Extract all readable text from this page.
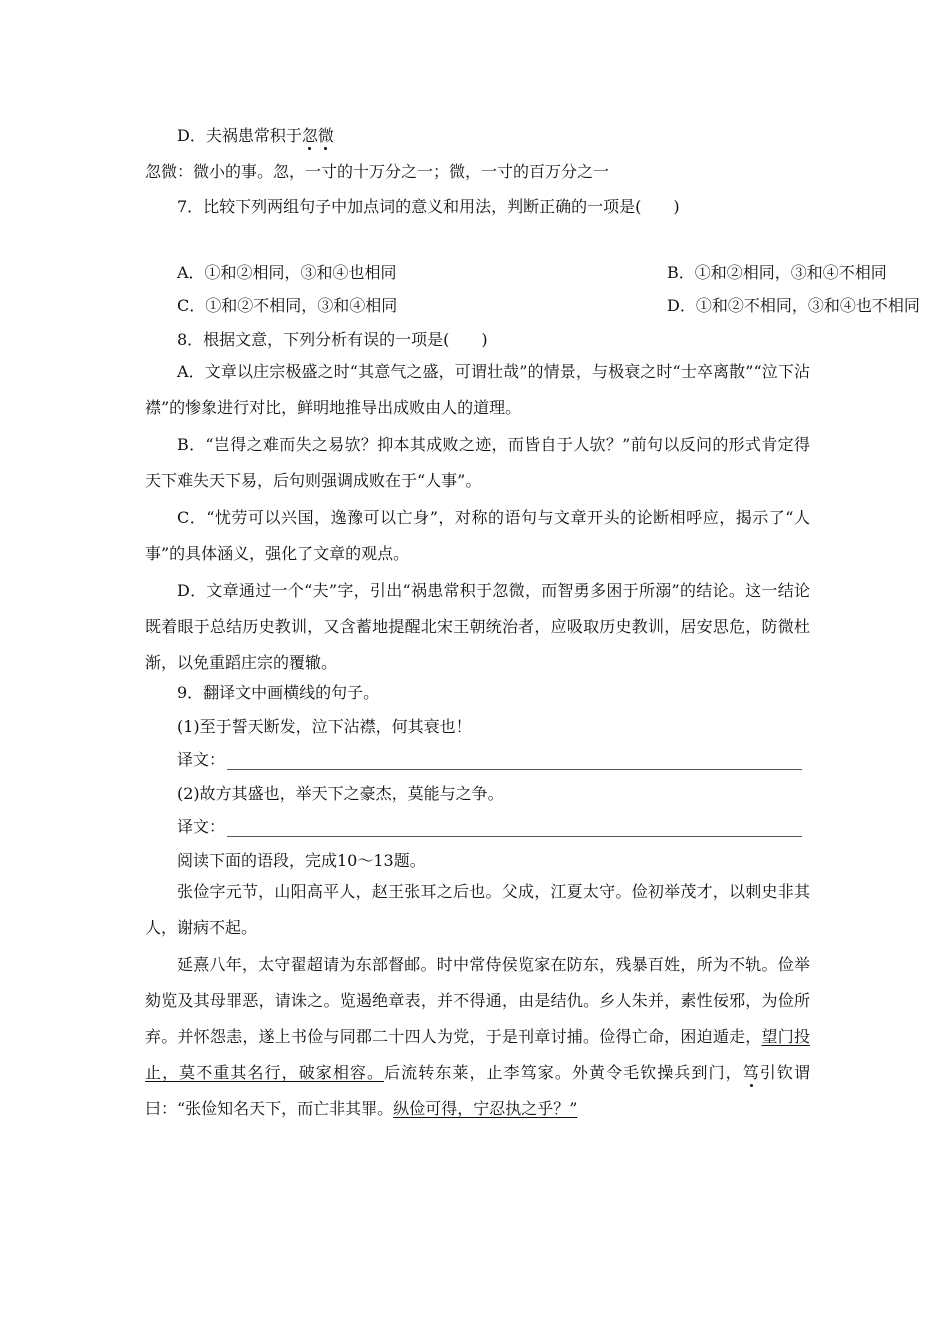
D．夫祸患常积于忽微
忽微：微小的事。忽，一寸的十万分之一；微，一寸的百万分之一
7．比较下列两组句子中加点词的意义和用法，判断正确的一项是(　　)
A．①和②相同，③和④也相同	B．①和②相同，③和④不相同
C．①和②不相同，③和④相同	D．①和②不相同，③和④也不相同
8．根据文意，下列分析有误的一项是(　　)
A．文章以庄宗极盛之时“其意气之盛，可谓壮哉”的情景，与极衰之时“士卒离散”“泣下沾襟”的惨象进行对比，鲜明地推导出成败由人的道理。
B．“岂得之难而失之易欤？抑本其成败之迹，而皆自于人欤？”前句以反问的形式肯定得天下难失天下易，后句则强调成败在于“人事”。
C．“忧劳可以兴国，逸豫可以亡身”，对称的语句与文章开头的论断相呼应，揭示了“人事”的具体涵义，强化了文章的观点。
D．文章通过一个“夫”字，引出“祸患常积于忽微，而智勇多困于所溺”的结论。这一结论既着眼于总结历史教训，又含蓄地提醒北宋王朝统治者，应吸取历史教训，居安思危，防微杜渐，以免重蹈庄宗的覆辙。
9．翻译文中画横线的句子。
(1)至于誓天断发，泣下沾襟，何其衰也！
译文：
(2)故方其盛也，举天下之豪杰，莫能与之争。
译文：
阅读下面的语段，完成10～13题。
张俭字元节，山阳高平人，赵王张耳之后也。父成，江夏太守。俭初举茂才，以刺史非其人，谢病不起。
延熹八年，太守翟超请为东部督邮。时中常侍侯览家在防东，残暴百姓，所为不轨。俭举劾览及其母罪恶，请诛之。览遏绝章表，并不得通，由是结仇。乡人朱并，素性佞邪，为俭所弃。并怀怨恚，遂上书俭与同郡二十四人为党，于是刊章讨捕。俭得亡命，困迫遁走，望门投止，莫不重其名行，破家相容。后流转东莱，止李笃家。外黄令毛钦操兵到门，笃引钦谓曰：“张俭知名天下，而亡非其罪。纵俭可得，宁忍执之乎？”
